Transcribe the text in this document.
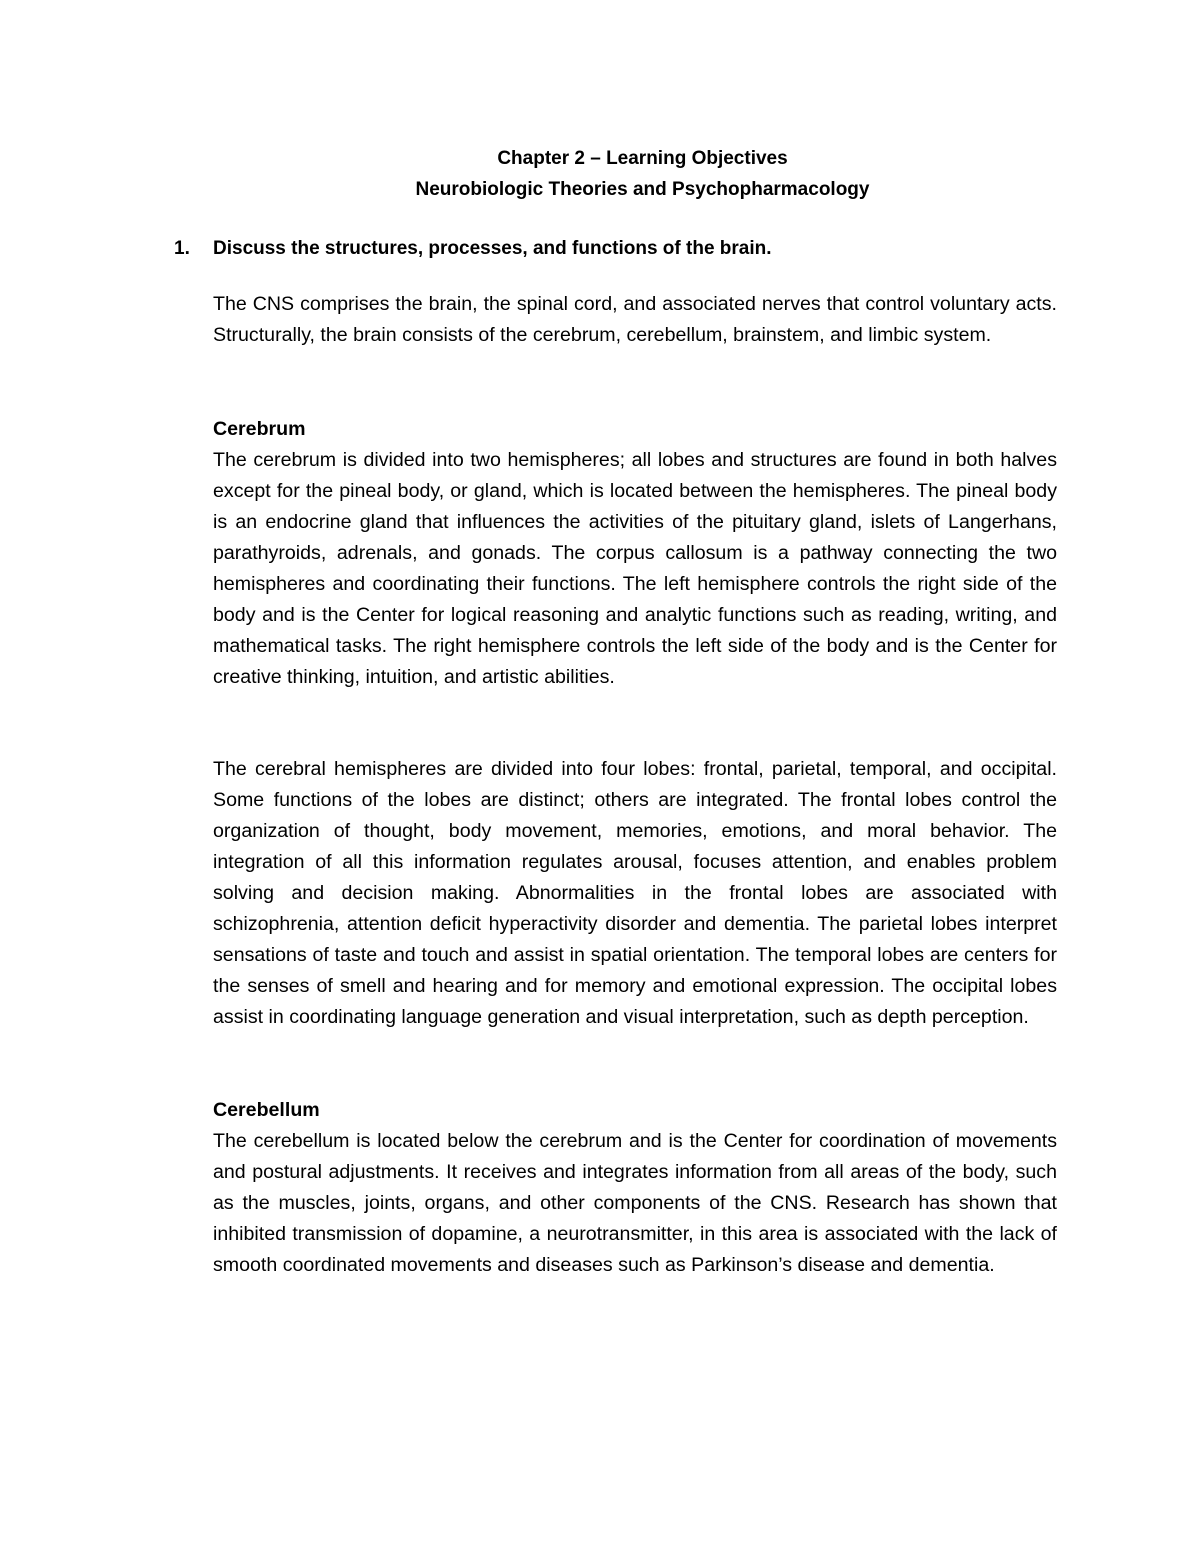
Chapter 2 – Learning Objectives
Neurobiologic Theories and Psychopharmacology
1. Discuss the structures, processes, and functions of the brain.

The CNS comprises the brain, the spinal cord, and associated nerves that control voluntary acts. Structurally, the brain consists of the cerebrum, cerebellum, brainstem, and limbic system.

Cerebrum

The cerebrum is divided into two hemispheres; all lobes and structures are found in both halves except for the pineal body, or gland, which is located between the hemispheres. The pineal body is an endocrine gland that influences the activities of the pituitary gland, islets of Langerhans, parathyroids, adrenals, and gonads. The corpus callosum is a pathway connecting the two hemispheres and coordinating their functions. The left hemisphere controls the right side of the body and is the Center for logical reasoning and analytic functions such as reading, writing, and mathematical tasks. The right hemisphere controls the left side of the body and is the Center for creative thinking, intuition, and artistic abilities.

The cerebral hemispheres are divided into four lobes: frontal, parietal, temporal, and occipital. Some functions of the lobes are distinct; others are integrated. The frontal lobes control the organization of thought, body movement, memories, emotions, and moral behavior. The integration of all this information regulates arousal, focuses attention, and enables problem solving and decision making. Abnormalities in the frontal lobes are associated with schizophrenia, attention deficit hyperactivity disorder and dementia. The parietal lobes interpret sensations of taste and touch and assist in spatial orientation. The temporal lobes are centers for the senses of smell and hearing and for memory and emotional expression. The occipital lobes assist in coordinating language generation and visual interpretation, such as depth perception.

Cerebellum

The cerebellum is located below the cerebrum and is the Center for coordination of movements and postural adjustments. It receives and integrates information from all areas of the body, such as the muscles, joints, organs, and other components of the CNS. Research has shown that inhibited transmission of dopamine, a neurotransmitter, in this area is associated with the lack of smooth coordinated movements and diseases such as Parkinson’s disease and dementia.
